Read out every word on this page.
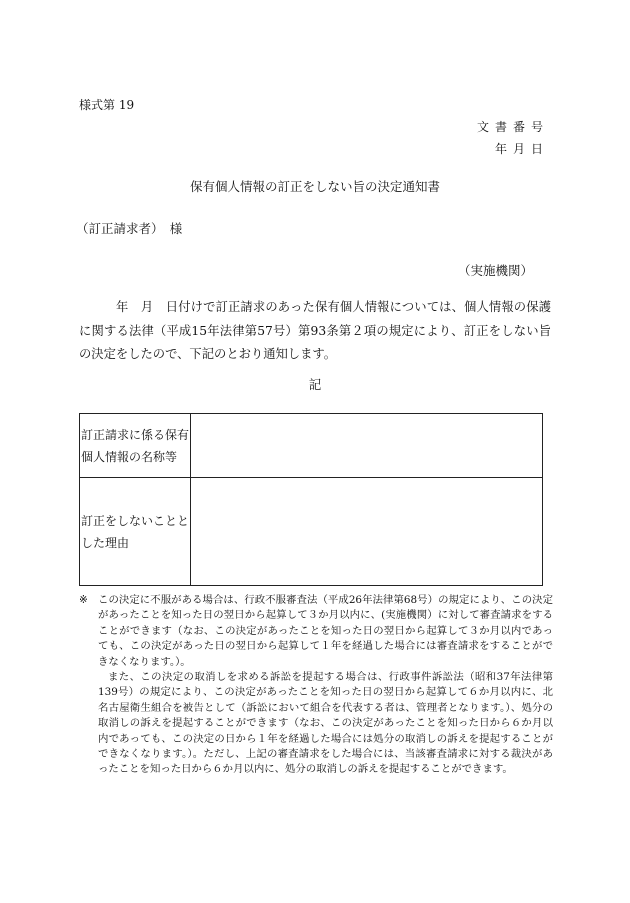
様式第 19
文書番号
年月日
保有個人情報の訂正をしない旨の決定通知書
（訂正請求者）　様
（実施機関）
年　月　日付けで訂正請求のあった保有個人情報については、個人情報の保護に関する法律（平成15年法律第57号）第93条第２項の規定により、訂正をしない旨の決定をしたので、下記のとおり通知します。
記
訂正請求に係る保有個人情報の名称等	
訂正をしないこととした理由	
※ この決定に不服がある場合は、行政不服審査法（平成26年法律第68号）の規定により、この決定があったことを知った日の翌日から起算して３か月以内に、(実施機関）に対して審査請求をすることができます（なお、この決定があったことを知った日の翌日から起算して３か月以内であっても、この決定があった日の翌日から起算して１年を経過した場合には審査請求をすることができなくなります。）。

また、この決定の取消しを求める訴訟を提起する場合は、行政事件訴訟法（昭和37年法律第139号）の規定により、この決定があったことを知った日の翌日から起算して６か月以内に、北名古屋衛生組合を被告として（訴訟において組合を代表する者は、管理者となります。）、処分の取消しの訴えを提起することができます（なお、この決定があったことを知った日から６か月以内であっても、この決定の日から１年を経過した場合には処分の取消しの訴えを提起することができなくなります。）。ただし、上記の審査請求をした場合には、当該審査請求に対する裁決があったことを知った日から６か月以内に、処分の取消しの訴えを提起することができます。
